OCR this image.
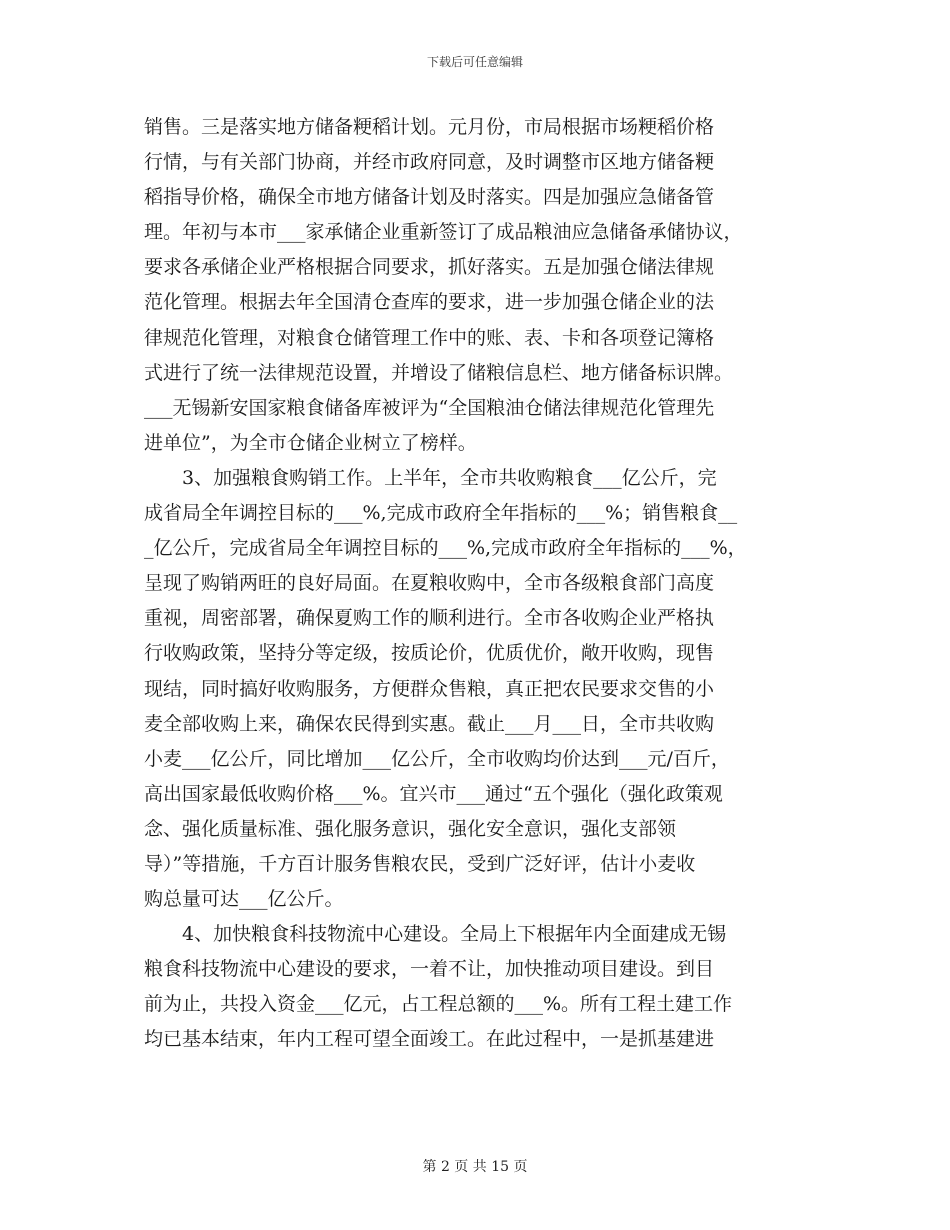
下载后可任意编辑
销售。三是落实地方储备粳稻计划。元月份，市局根据市场粳稻价格
行情，与有关部门协商，并经市政府同意，及时调整市区地方储备粳
稻指导价格，确保全市地方储备计划及时落实。四是加强应急储备管
理。年初与本市___家承储企业重新签订了成品粮油应急储备承储协议，
要求各承储企业严格根据合同要求，抓好落实。五是加强仓储法律规
范化管理。根据去年全国清仓查库的要求，进一步加强仓储企业的法
律规范化管理，对粮食仓储管理工作中的账、表、卡和各项登记簿格
式进行了统一法律规范设置，并增设了储粮信息栏、地方储备标识牌。
___无锡新安国家粮食储备库被评为“全国粮油仓储法律规范化管理先
进单位”，为全市仓储企业树立了榜样。
　　3、加强粮食购销工作。上半年，全市共收购粮食___亿公斤，完
成省局全年调控目标的___%,完成市政府全年指标的___%；销售粮食__
_亿公斤，完成省局全年调控目标的___%,完成市政府全年指标的___%，
呈现了购销两旺的良好局面。在夏粮收购中，全市各级粮食部门高度
重视，周密部署，确保夏购工作的顺利进行。全市各收购企业严格执
行收购政策，坚持分等定级，按质论价，优质优价，敞开收购，现售
现结，同时搞好收购服务，方便群众售粮，真正把农民要求交售的小
麦全部收购上来，确保农民得到实惠。截止___月___日，全市共收购
小麦___亿公斤，同比增加___亿公斤，全市收购均价达到___元/百斤，
高出国家最低收购价格___%。宜兴市___通过“五个强化（强化政策观
念、强化质量标准、强化服务意识，强化安全意识，强化支部领
导）”等措施，千方百计服务售粮农民，受到广泛好评，估计小麦收
购总量可达___亿公斤。
　　4、加快粮食科技物流中心建设。全局上下根据年内全面建成无锡
粮食科技物流中心建设的要求，一着不让，加快推动项目建设。到目
前为止，共投入资金___亿元，占工程总额的___%。所有工程土建工作
均已基本结束，年内工程可望全面竣工。在此过程中，一是抓基建进
第 2 页 共 15 页
